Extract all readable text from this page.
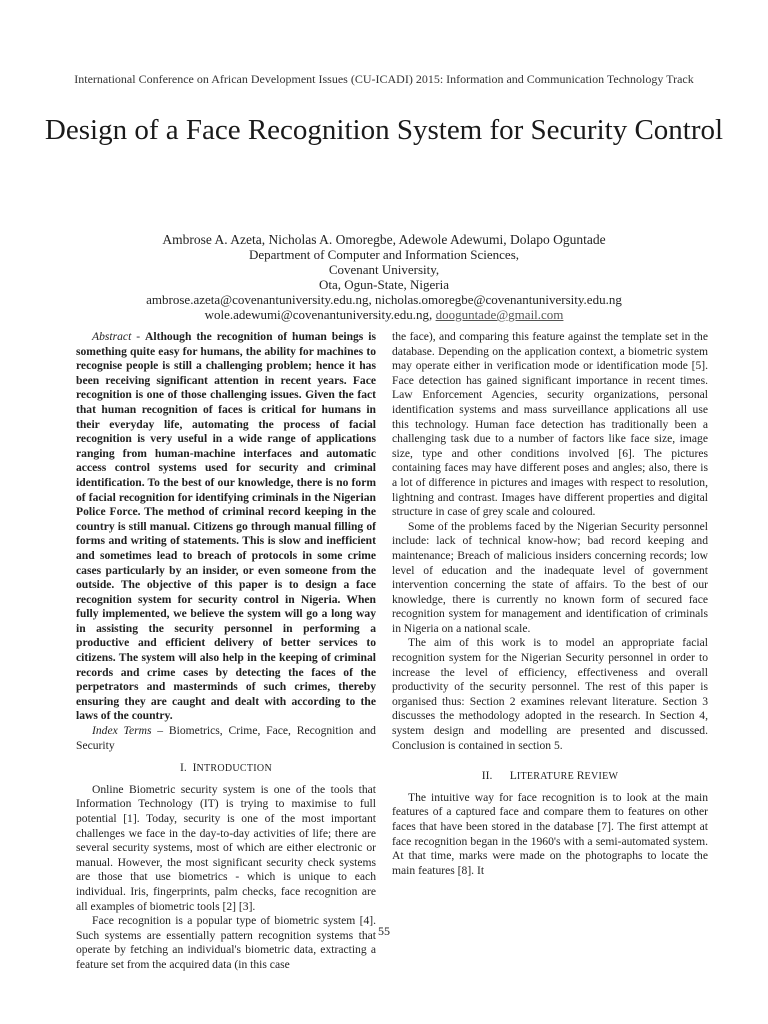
International Conference on African Development Issues (CU-ICADI) 2015: Information and Communication Technology Track
Design of a Face Recognition System for Security Control
Ambrose A. Azeta, Nicholas A. Omoregbe, Adewole Adewumi, Dolapo Oguntade
Department of Computer and Information Sciences,
Covenant University,
Ota, Ogun-State, Nigeria
ambrose.azeta@covenantuniversity.edu.ng, nicholas.omoregbe@covenantuniversity.edu.ng
wole.adewumi@covenantuniversity.edu.ng, dooguntade@gmail.com

Abstract - Although the recognition of human beings is something quite easy for humans, the ability for machines to recognise people is still a challenging problem; hence it has been receiving significant attention in recent years. Face recognition is one of those challenging issues. Given the fact that human recognition of faces is critical for humans in their everyday life, automating the process of facial recognition is very useful in a wide range of applications ranging from human-machine interfaces and automatic access control systems used for security and criminal identification. To the best of our knowledge, there is no form of facial recognition for identifying criminals in the Nigerian Police Force. The method of criminal record keeping in the country is still manual. Citizens go through manual filling of forms and writing of statements. This is slow and inefficient and sometimes lead to breach of protocols in some crime cases particularly by an insider, or even someone from the outside. The objective of this paper is to design a face recognition system for security control in Nigeria. When fully implemented, we believe the system will go a long way in assisting the security personnel in performing a productive and efficient delivery of better services to citizens. The system will also help in the keeping of criminal records and crime cases by detecting the faces of the perpetrators and masterminds of such crimes, thereby ensuring they are caught and dealt with according to the laws of the country.

Index Terms – Biometrics, Crime, Face, Recognition and Security

I. INTRODUCTION

Online Biometric security system is one of the tools that Information Technology (IT) is trying to maximise to full potential [1]. Today, security is one of the most important challenges we face in the day-to-day activities of life; there are several security systems, most of which are either electronic or manual. However, the most significant security check systems are those that use biometrics - which is unique to each individual. Iris, fingerprints, palm checks, face recognition are all examples of biometric tools [2] [3].

Face recognition is a popular type of biometric system [4]. Such systems are essentially pattern recognition systems that operate by fetching an individual's biometric data, extracting a feature set from the acquired data (in this case

the face), and comparing this feature against the template set in the database. Depending on the application context, a biometric system may operate either in verification mode or identification mode [5]. Face detection has gained significant importance in recent times. Law Enforcement Agencies, security organizations, personal identification systems and mass surveillance applications all use this technology. Human face detection has traditionally been a challenging task due to a number of factors like face size, image size, type and other conditions involved [6]. The pictures containing faces may have different poses and angles; also, there is a lot of difference in pictures and images with respect to resolution, lightning and contrast. Images have different properties and digital structure in case of grey scale and coloured.

Some of the problems faced by the Nigerian Security personnel include: lack of technical know-how; bad record keeping and maintenance; Breach of malicious insiders concerning records; low level of education and the inadequate level of government intervention concerning the state of affairs. To the best of our knowledge, there is currently no known form of secured face recognition system for management and identification of criminals in Nigeria on a national scale.

The aim of this work is to model an appropriate facial recognition system for the Nigerian Security personnel in order to increase the level of efficiency, effectiveness and overall productivity of the security personnel. The rest of this paper is organised thus: Section 2 examines relevant literature. Section 3 discusses the methodology adopted in the research. In Section 4, system design and modelling are presented and discussed. Conclusion is contained in section 5.

II. LITERATURE REVIEW

The intuitive way for face recognition is to look at the main features of a captured face and compare them to features on other faces that have been stored in the database [7]. The first attempt at face recognition began in the 1960's with a semi-automated system. At that time, marks were made on the photographs to locate the main features [8]. It

55
